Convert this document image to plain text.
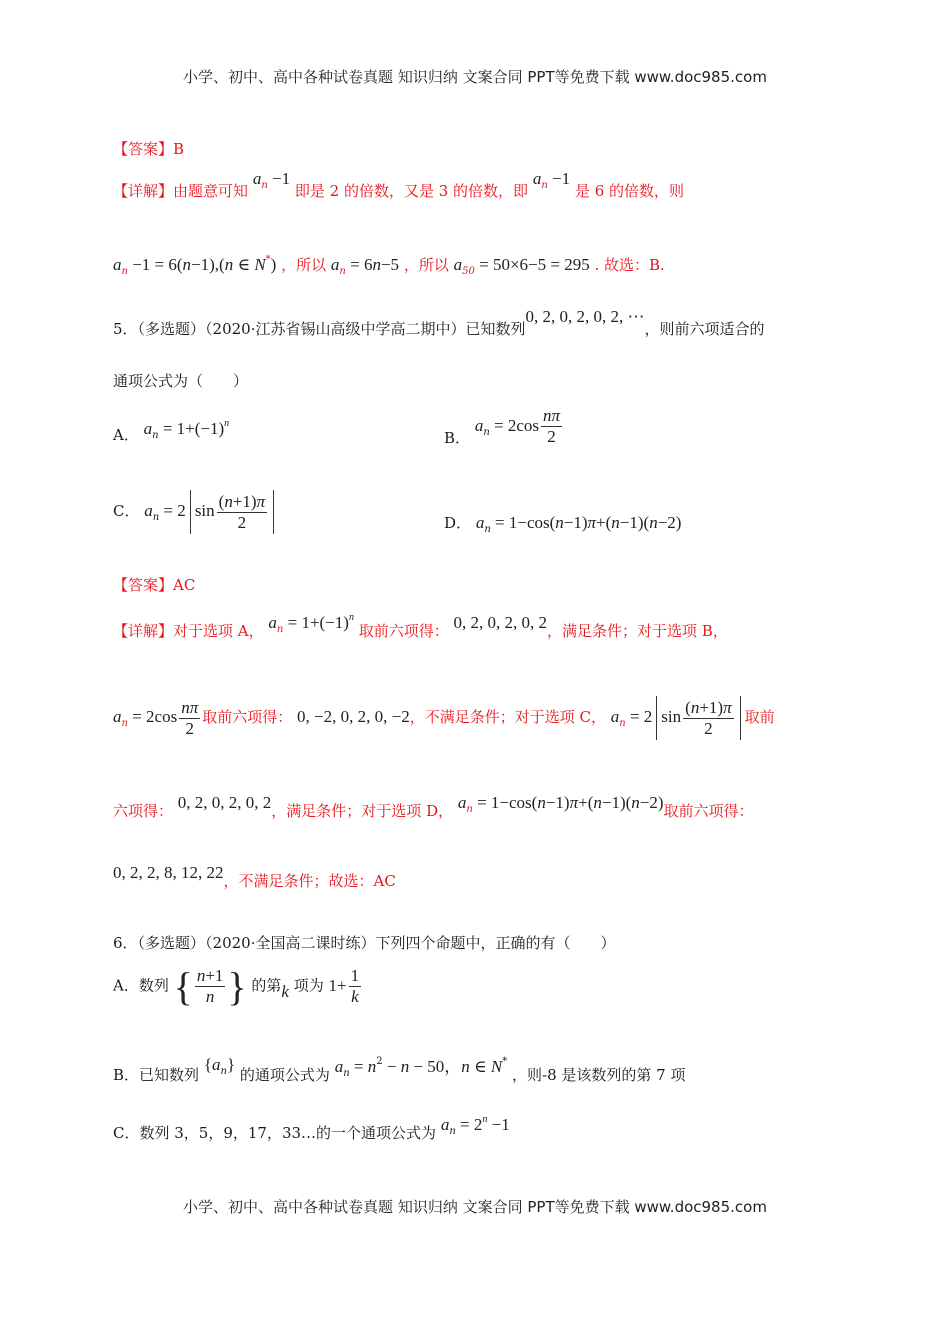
小学、初中、高中各种试卷真题 知识归纳 文案合同 PPT等免费下载 www.doc985.com
【答案】B
【详解】由题意可知 $a_n -1$ 即是 2 的倍数，又是 3 的倍数，即 $a_n -1$ 是 6 的倍数，则
$a_n -1 = 6(n-1),(n$ ∈ N*) ，所以 $a_n = 6n-5$ ，所以 $a_{50} = 50\times 6-5 = 295$ . 故选：B.
5．（多选题）（2020·江苏省锡山高级中学高二期中）已知数列0, 2, 0, 2, 0, 2, ⋯，则前六项适合的
通项公式为（　　）
A． $a_n = 1+(-1)^n$
B． $a_n = 2\cos \frac{n\pi}{2}$
C． $a_n = 2$ $\sin \frac{(n+1)\pi}{2}$	D． $a_n = 1-\cos(n-1)\pi+(n-1)(n-2)$
【答案】AC
【详解】对于选项 A， $a_n = 1+(-1)^n$ 取前六项得： 0, 2, 0, 2, 0, 2，满足条件；对于选项 B，
$a_n = 2\cos \frac{n\pi}{2}$ 取前六项得： 0, −2, 0, 2, 0, −2，不满足条件；对于选项 C， $a_n = 2$ $\sin \frac{(n+1)\pi}{2}$ 取前
六项得： 0, 2, 0, 2, 0, 2，满足条件；对于选项 D， $a_n = 1-\cos(n-1)\pi+(n-1)(n-2)$取前六项得：
0, 2, 2, 8, 12, 22，不满足条件；故选：AC
6．（多选题）（2020·全国高二课时练）下列四个命题中，正确的有（　　）
A．数列 { $\frac{n+1}{n}$ } 的第k 项为 $1+ \frac{1}{k}$
B．已知数列 $\{a_n\}$ 的通项公式为 $a_n = n^2 - n - 50$，n ∈ N* ，则-8 是该数列的第 7 项
C．数列 3，5，9，17，33…的一个通项公式为 $a_n = 2^n -1$
小学、初中、高中各种试卷真题 知识归纳 文案合同 PPT等免费下载 www.doc985.com
